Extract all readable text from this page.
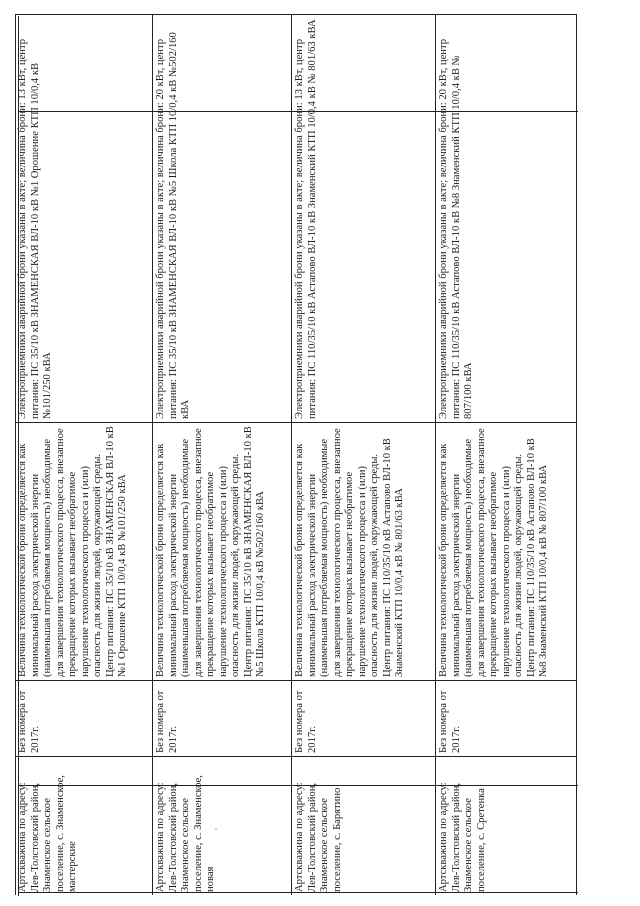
Артскважина по адресу: Лев-Толстовский район, Знаменское сельское поселение, с. Знаменское, мастерские
Без номера от 2017г.
Величина технологической брони определяется как минимальный расход электрической энергии (наименьшая потребляемая мощность) необходимые для завершения технологического процесса, внезапное прекращение которых вызывает необратимое нарушение технологического процесса и (или) опасность для жизни людей, окружающей среды. Центр питания: ПС 35/10 кВ ЗНАМЕНСКАЯ ВЛ-10 кВ №1 Орошение КТП 10/0,4 кВ №101/250 кВА
Электроприемники аварийной брони указаны в акте; величина брони: 13 кВт, центр питания: ПС 35/10 кВ ЗНАМЕНСКАЯ ВЛ-10 кВ №1 Орошение КТП 10/0,4 кВ №101/250 кВА
Артскважина по адресу: Лев-Толстовский район, Знаменское сельское поселение, с. Знаменское, новая
Без номера от 2017г.
Величина технологической брони определяется как минимальный расход электрической энергии (наименьшая потребляемая мощность) необходимые для завершения технологического процесса, внезапное прекращение которых вызывает необратимое нарушение технологического процесса и (или) опасность для жизни людей, окружающей среды. Центр питания: ПС 35/10 кВ ЗНАМЕНСКАЯ ВЛ-10 кВ №5 Школа КТП 10/0,4 кВ №502/160 кВА
Электроприемники аварийной брони указаны в акте; величина брони: 20 кВт, центр питания: ПС 35/10 кВ ЗНАМЕНСКАЯ ВЛ-10 кВ №5 Школа КТП 10/0,4 кВ №502/160 кВА
Артскважина по адресу: Лев-Толстовский район, Знаменское сельское поселение, с. Барятино
Без номера от 2017г.
Величина технологической брони определяется как минимальный расход электрической энергии (наименьшая потребляемая мощность) необходимые для завершения технологического процесса, внезапное прекращение которых вызывает необратимое нарушение технологического процесса и (или) опасность для жизни людей, окружающей среды. Центр питания: ПС 110/35/10 кВ Астапово ВЛ-10 кВ Знаменский КТП 10/0,4 кВ № 801/63 кВА
Электроприемники аварийной брони указаны в акте; величина брони: 13 кВт, центр питания: ПС 110/35/10 кВ Астапово ВЛ-10 кВ Знаменский КТП 10/0,4 кВ № 801/63 кВА
Артскважина по адресу: Лев-Толстовский район, Знаменское сельское поселение, с. Сретенка
Без номера от 2017г.
Величина технологической брони определяется как минимальный расход электрической энергии (наименьшая потребляемая мощность) необходимые для завершения технологического процесса, внезапное прекращение которых вызывает необратимое нарушение технологического процесса и (или) опасность для жизни людей, окружающей среды. Центр питания: ПС 110/35/10 кВ Астапово ВЛ-10 кВ №8 Знаменский КТП 10/0,4 кВ № 807/100 кВА
Электроприемники аварийной брони указаны в акте; величина брони: 20 кВт, центр питания: ПС 110/35/10 кВ Астапово ВЛ-10 кВ №8 Знаменский КТП 10/0,4 кВ № 807/100 кВА
